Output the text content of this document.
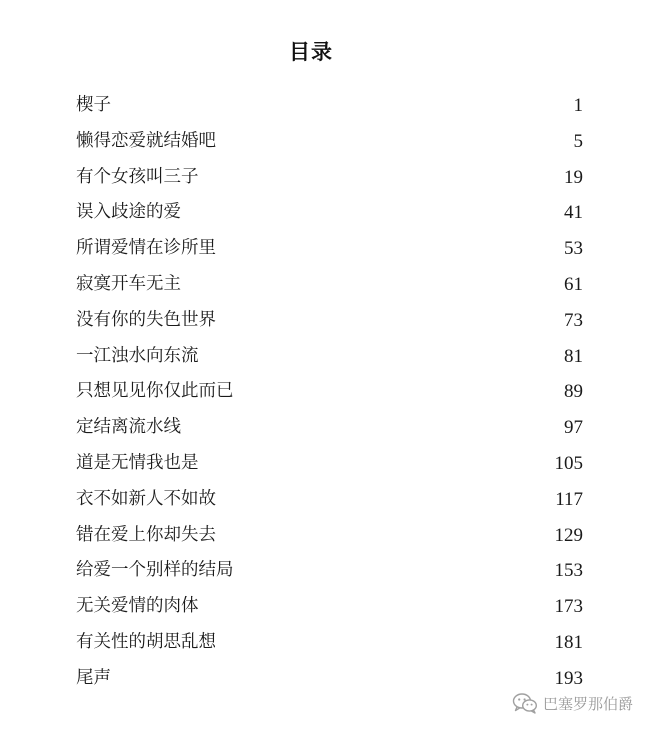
目录
楔子	1
懒得恋爱就结婚吧	5
有个女孩叫三子	19
误入歧途的爱	41
所谓爱情在诊所里	53
寂寞开车无主	61
没有你的失色世界	73
一江浊水向东流	81
只想见见你仅此而已	89
定结离流水线	97
道是无情我也是	105
衣不如新人不如故	117
错在爱上你却失去	129
给爱一个别样的结局	153
无关爱情的肉体	173
有关性的胡思乱想	181
尾声	193
巴塞罗那伯爵
